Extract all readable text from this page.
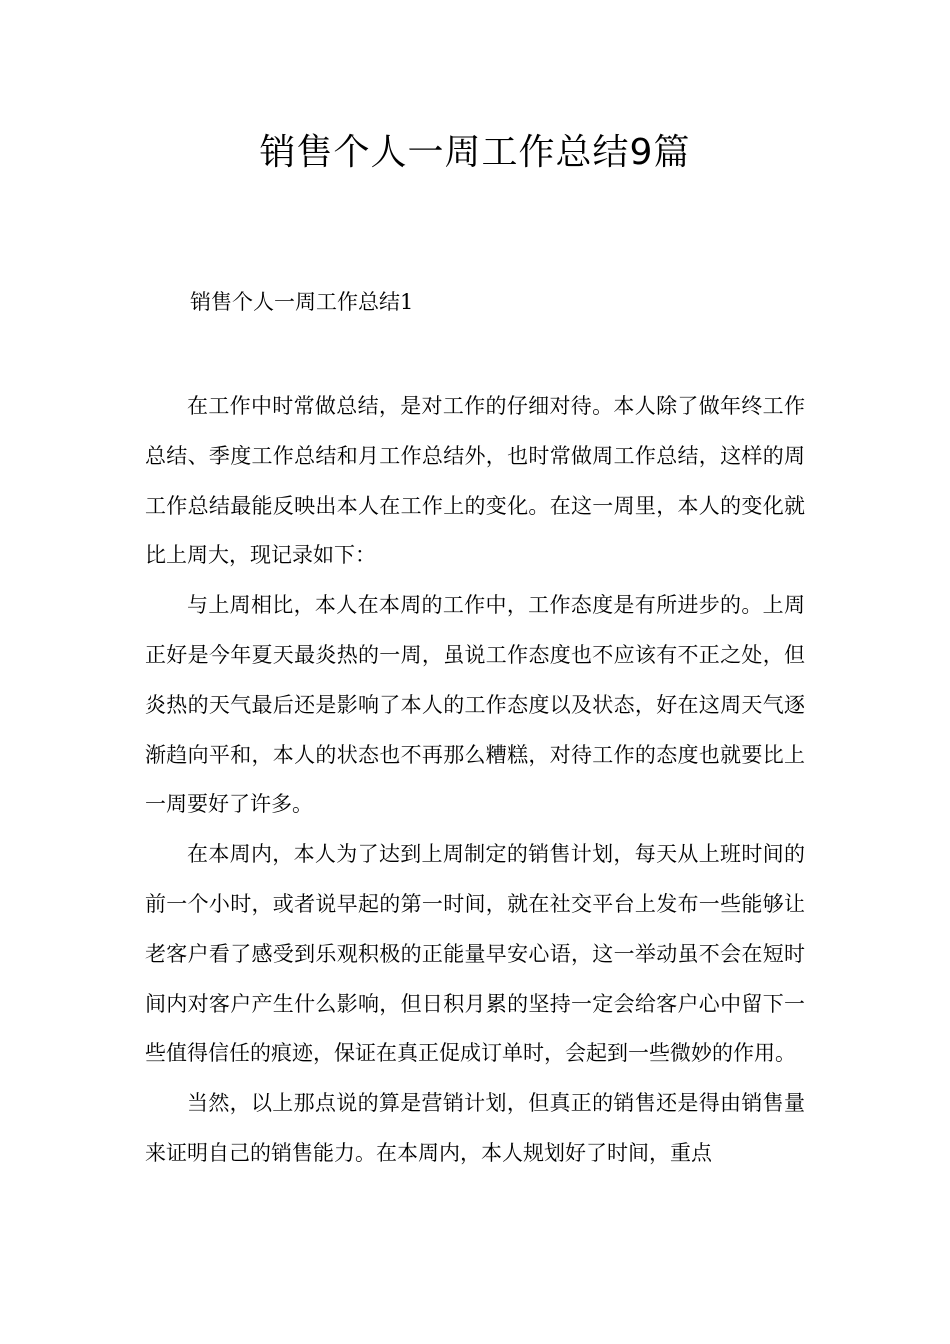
销售个人一周工作总结9篇
销售个人一周工作总结1

在工作中时常做总结，是对工作的仔细对待。本人除了做年终工作总结、季度工作总结和月工作总结外，也时常做周工作总结，这样的周工作总结最能反映出本人在工作上的变化。在这一周里，本人的变化就比上周大，现记录如下：

与上周相比，本人在本周的工作中，工作态度是有所进步的。上周正好是今年夏天最炎热的一周，虽说工作态度也不应该有不正之处，但炎热的天气最后还是影响了本人的工作态度以及状态，好在这周天气逐渐趋向平和，本人的状态也不再那么糟糕，对待工作的态度也就要比上一周要好了许多。

在本周内，本人为了达到上周制定的销售计划，每天从上班时间的前一个小时，或者说早起的第一时间，就在社交平台上发布一些能够让老客户看了感受到乐观积极的正能量早安心语，这一举动虽不会在短时间内对客户产生什么影响，但日积月累的坚持一定会给客户心中留下一些值得信任的痕迹，保证在真正促成订单时，会起到一些微妙的作用。

当然，以上那点说的算是营销计划，但真正的销售还是得由销售量来证明自己的销售能力。在本周内，本人规划好了时间，重点
